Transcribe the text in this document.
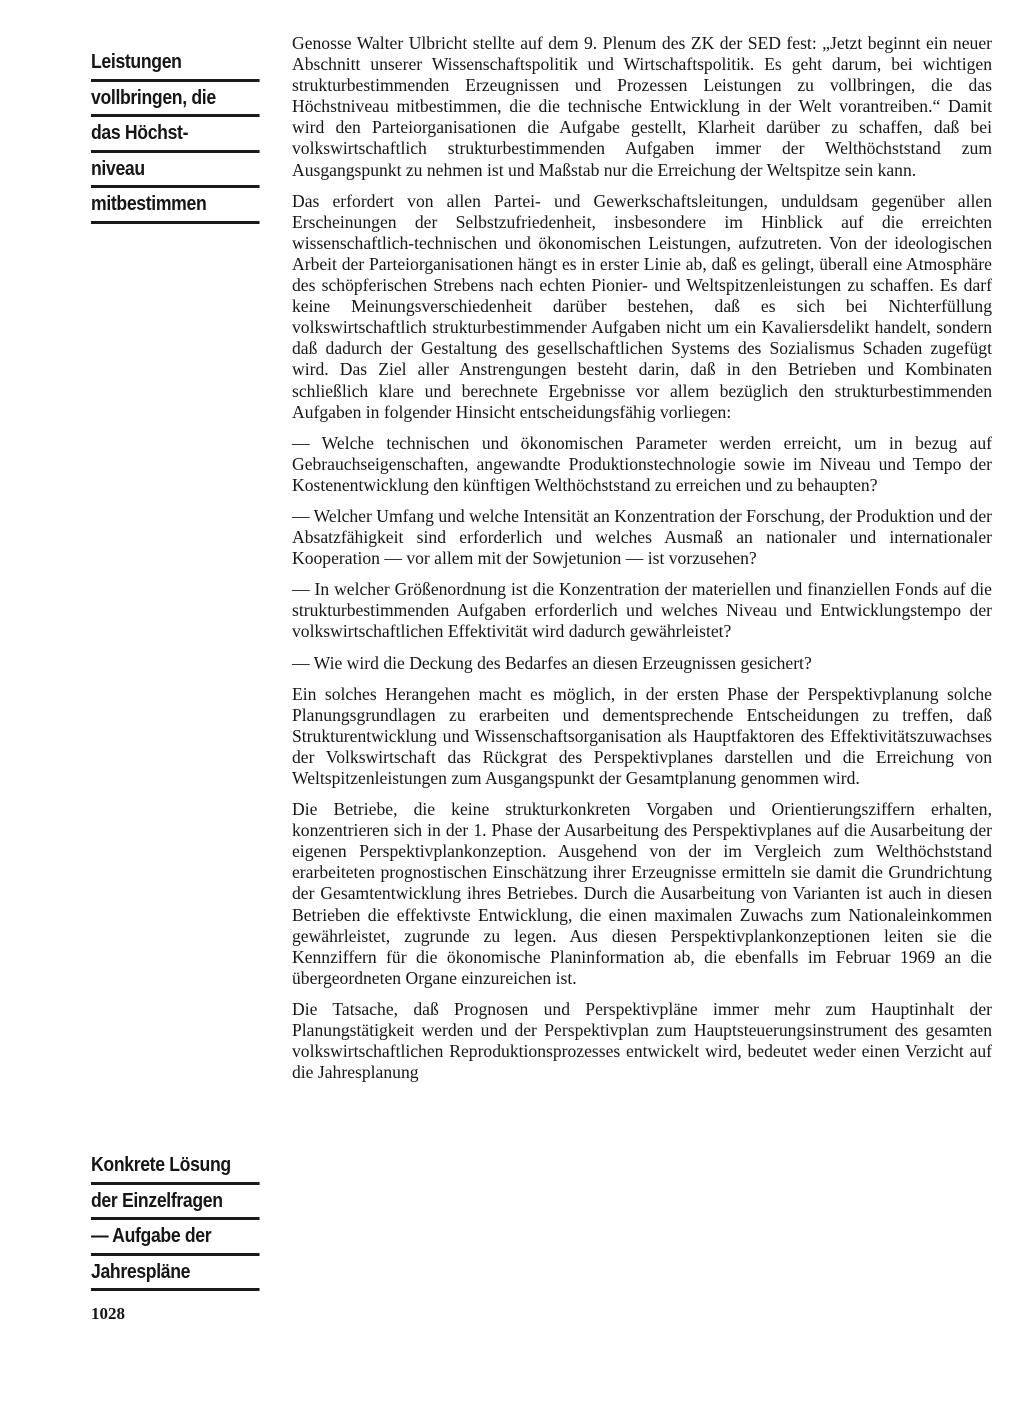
Leistungen
vollbringen, die
das Höchst-
niveau
mitbestimmen
Konkrete Lösung
der Einzelfragen
— Aufgabe der
Jahrespläne

Genosse Walter Ulbricht stellte auf dem 9. Plenum des ZK der SED fest: „Jetzt beginnt ein neuer Abschnitt unserer Wissenschaftspolitik und Wirtschaftspolitik. Es geht darum, bei wichtigen strukturbestimmenden Erzeugnissen und Prozessen Leistungen zu vollbringen, die das Höchstniveau mitbestimmen, die die technische Entwicklung in der Welt vorantreiben.“ Damit wird den Parteiorganisationen die Aufgabe gestellt, Klarheit darüber zu schaffen, daß bei volkswirtschaftlich strukturbestimmenden Aufgaben immer der Welthöchststand zum Ausgangspunkt zu nehmen ist und Maßstab nur die Erreichung der Weltspitze sein kann.

Das erfordert von allen Partei- und Gewerkschaftsleitungen, unduldsam gegenüber allen Erscheinungen der Selbstzufriedenheit, insbesondere im Hinblick auf die erreichten wissenschaftlich-technischen und ökonomischen Leistungen, aufzutreten. Von der ideologischen Arbeit der Parteiorganisationen hängt es in erster Linie ab, daß es gelingt, überall eine Atmosphäre des schöpferischen Strebens nach echten Pionier- und Weltspitzenleistungen zu schaffen. Es darf keine Meinungsverschiedenheit darüber bestehen, daß es sich bei Nichterfüllung volkswirtschaftlich strukturbestimmender Aufgaben nicht um ein Kavaliersdelikt handelt, sondern daß dadurch der Gestaltung des gesellschaftlichen Systems des Sozialismus Schaden zugefügt wird. Das Ziel aller Anstrengungen besteht darin, daß in den Betrieben und Kombinaten schließlich klare und berechnete Ergebnisse vor allem bezüglich den strukturbestimmenden Aufgaben in folgender Hinsicht entscheidungsfähig vorliegen:

— Welche technischen und ökonomischen Parameter werden erreicht, um in bezug auf Gebrauchseigenschaften, angewandte Produktionstechnologie sowie im Niveau und Tempo der Kostenentwicklung den künftigen Welthöchststand zu erreichen und zu behaupten?

— Welcher Umfang und welche Intensität an Konzentration der Forschung, der Produktion und der Absatzfähigkeit sind erforderlich und welches Ausmaß an nationaler und internationaler Kooperation — vor allem mit der Sowjetunion — ist vorzusehen?

— In welcher Größenordnung ist die Konzentration der materiellen und finanziellen Fonds auf die strukturbestimmenden Aufgaben erforderlich und welches Niveau und Entwicklungstempo der volkswirtschaftlichen Effektivität wird dadurch gewährleistet?

— Wie wird die Deckung des Bedarfes an diesen Erzeugnissen gesichert?

Ein solches Herangehen macht es möglich, in der ersten Phase der Perspektivplanung solche Planungsgrundlagen zu erarbeiten und dementsprechende Entscheidungen zu treffen, daß Strukturentwicklung und Wissenschaftsorganisation als Hauptfaktoren des Effektivitätszuwachses der Volkswirtschaft das Rückgrat des Perspektivplanes darstellen und die Erreichung von Weltspitzenleistungen zum Ausgangspunkt der Gesamtplanung genommen wird.

Die Betriebe, die keine strukturkonkreten Vorgaben und Orientierungsziffern erhalten, konzentrieren sich in der 1. Phase der Ausarbeitung des Perspektivplanes auf die Ausarbeitung der eigenen Perspektivplankonzeption. Ausgehend von der im Vergleich zum Welthöchststand erarbeiteten prognostischen Einschätzung ihrer Erzeugnisse ermitteln sie damit die Grundrichtung der Gesamtentwicklung ihres Betriebes. Durch die Ausarbeitung von Varianten ist auch in diesen Betrieben die effektivste Entwicklung, die einen maximalen Zuwachs zum Nationaleinkommen gewährleistet, zugrunde zu legen. Aus diesen Perspektivplankonzeptionen leiten sie die Kennziffern für die ökonomische Planinformation ab, die ebenfalls im Februar 1969 an die übergeordneten Organe einzureichen ist.

Die Tatsache, daß Prognosen und Perspektivpläne immer mehr zum Hauptinhalt der Planungstätigkeit werden und der Perspektivplan zum Hauptsteuerungsinstrument des gesamten volkswirtschaftlichen Reproduktionsprozesses entwickelt wird, bedeutet weder einen Verzicht auf die Jahresplanung

1028
